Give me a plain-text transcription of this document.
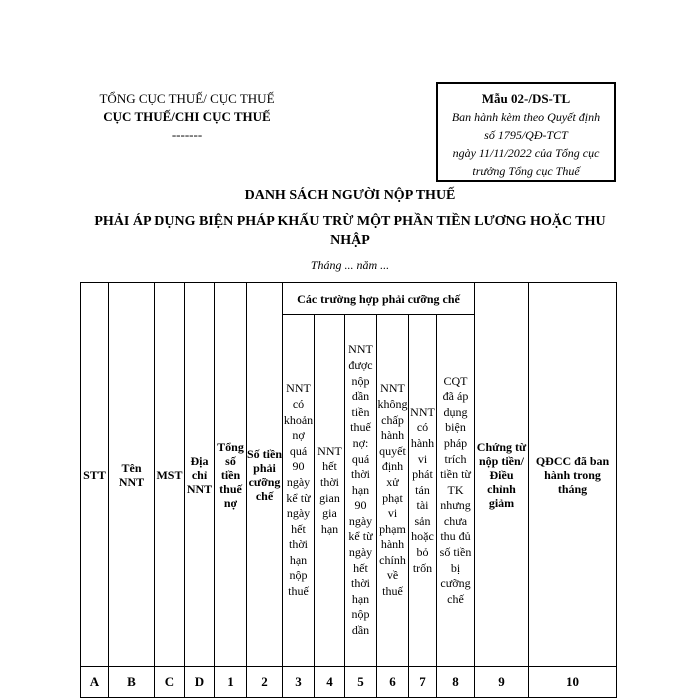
TỔNG CỤC THUẾ/ CỤC THUẾ
CỤC THUẾ/CHI CỤC THUẾ
-------
Mẫu 02-/DS-TL
Ban hành kèm theo Quyết định
số 1795/QĐ-TCT
ngày 11/11/2022 của Tổng cục
trưởng Tổng cục Thuế
DANH SÁCH NGƯỜI NỘP THUẾ
PHẢI ÁP DỤNG BIỆN PHÁP KHẤU TRỪ MỘT PHẦN TIỀN LƯƠNG HOẶC THU NHẬP
Tháng ... năm ...
STT	Tên NNT	MST	Địa chỉ NNT	Tổng số tiền thuế nợ	Số tiền phải cưỡng chế	Các trường hợp phải cưỡng chế						Chứng từ nộp tiền/Điều chỉnh giảm	QĐCC đã ban hành trong tháng
						NNT có khoản nợ quá 90 ngày kể từ ngày hết thời hạn nộp thuế	NNT hết thời gian gia hạn	NNT được nộp dần tiền thuế nợ: quá thời hạn 90 ngày kể từ ngày hết thời hạn nộp dần	NNT không chấp hành quyết định xử phạt vi phạm hành chính về thuế	NNT có hành vi phát tán tài sản hoặc bỏ trốn	CQT đã áp dụng biện pháp trích tiền từ TK nhưng chưa thu đủ số tiền bị cưỡng chế		
A	B	C	D	1	2	3	4	5	6	7	8	9	10
